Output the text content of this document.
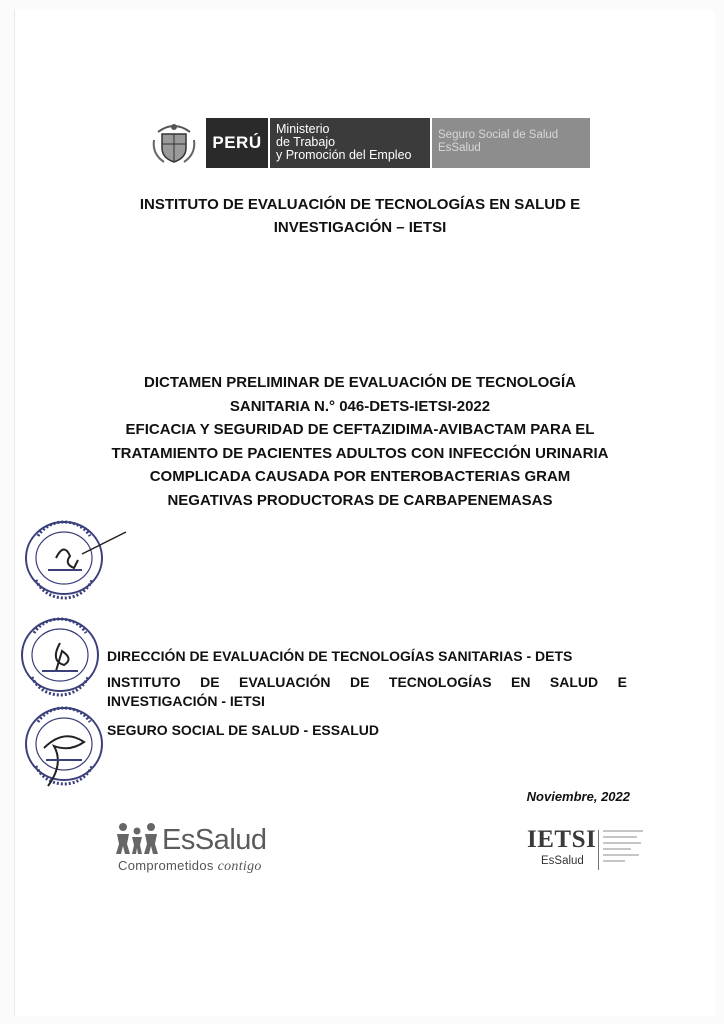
PERÚ
Ministerio
de Trabajo
y Promoción del Empleo
Seguro Social de Salud
EsSalud
INSTITUTO DE EVALUACIÓN DE TECNOLOGÍAS EN SALUD E
INVESTIGACIÓN – IETSI
DICTAMEN PRELIMINAR DE EVALUACIÓN DE TECNOLOGÍA
SANITARIA N.° 046-DETS-IETSI-2022
EFICACIA Y SEGURIDAD DE CEFTAZIDIMA-AVIBACTAM PARA EL
TRATAMIENTO DE PACIENTES ADULTOS CON INFECCIÓN URINARIA
COMPLICADA CAUSADA POR ENTEROBACTERIAS GRAM
NEGATIVAS PRODUCTORAS DE CARBAPENEMASAS
DIRECCIÓN DE EVALUACIÓN DE TECNOLOGÍAS SANITARIAS - DETS
INSTITUTO DE EVALUACIÓN DE TECNOLOGÍAS EN SALUD E
INVESTIGACIÓN - IETSI
SEGURO SOCIAL DE SALUD - ESSALUD
Noviembre, 2022
EsSalud
Comprometidos contigo
IETSI
EsSalud
